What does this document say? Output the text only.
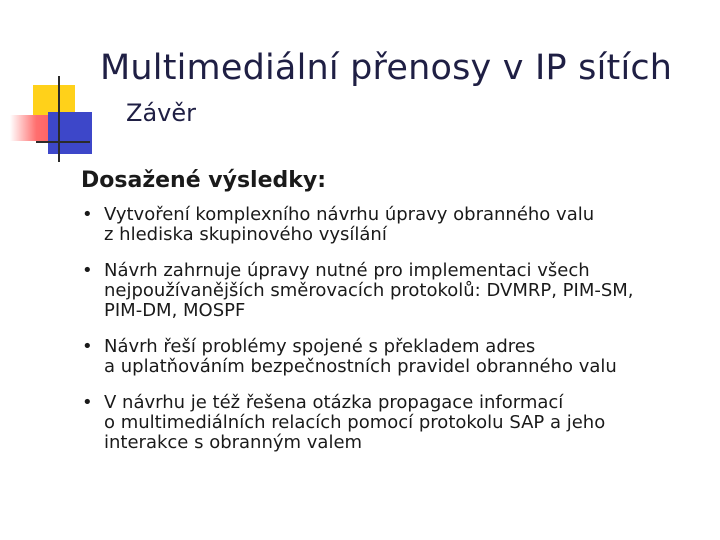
Multimediální přenosy v IP sítích
Závěr
Dosažené výsledky:
• Vytvoření komplexního návrhu úpravy obranného valu
z hlediska skupinového vysílání
• Návrh zahrnuje úpravy nutné pro implementaci všech
nejpoužívanějších směrovacích protokolů: DVMRP, PIM-SM,
PIM-DM, MOSPF
• Návrh řeší problémy spojené s překladem adres
a uplatňováním bezpečnostních pravidel obranného valu
• V návrhu je též řešena otázka propagace informací
o multimediálních relacích pomocí protokolu SAP a jeho
interakce s obranným valem
